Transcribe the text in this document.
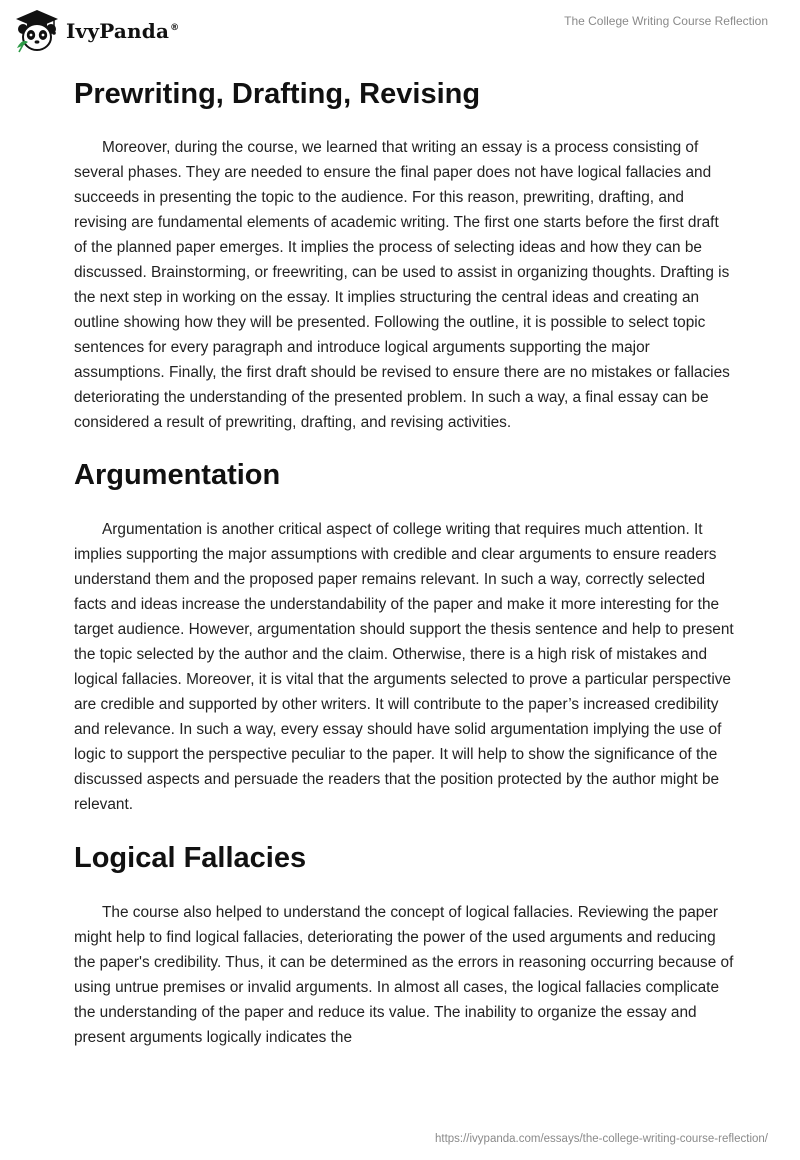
IvyPanda®
The College Writing Course Reflection
Prewriting, Drafting, Revising

Moreover, during the course, we learned that writing an essay is a process consisting of several phases. They are needed to ensure the final paper does not have logical fallacies and succeeds in presenting the topic to the audience. For this reason, prewriting, drafting, and revising are fundamental elements of academic writing. The first one starts before the first draft of the planned paper emerges. It implies the process of selecting ideas and how they can be discussed. Brainstorming, or freewriting, can be used to assist in organizing thoughts. Drafting is the next step in working on the essay. It implies structuring the central ideas and creating an outline showing how they will be presented. Following the outline, it is possible to select topic sentences for every paragraph and introduce logical arguments supporting the major assumptions. Finally, the first draft should be revised to ensure there are no mistakes or fallacies deteriorating the understanding of the presented problem. In such a way, a final essay can be considered a result of prewriting, drafting, and revising activities.

Argumentation

Argumentation is another critical aspect of college writing that requires much attention. It implies supporting the major assumptions with credible and clear arguments to ensure readers understand them and the proposed paper remains relevant. In such a way, correctly selected facts and ideas increase the understandability of the paper and make it more interesting for the target audience. However, argumentation should support the thesis sentence and help to present the topic selected by the author and the claim. Otherwise, there is a high risk of mistakes and logical fallacies. Moreover, it is vital that the arguments selected to prove a particular perspective are credible and supported by other writers. It will contribute to the paper’s increased credibility and relevance. In such a way, every essay should have solid argumentation implying the use of logic to support the perspective peculiar to the paper. It will help to show the significance of the discussed aspects and persuade the readers that the position protected by the author might be relevant.

Logical Fallacies

The course also helped to understand the concept of logical fallacies. Reviewing the paper might help to find logical fallacies, deteriorating the power of the used arguments and reducing the paper's credibility. Thus, it can be determined as the errors in reasoning occurring because of using untrue premises or invalid arguments. In almost all cases, the logical fallacies complicate the understanding of the paper and reduce its value. The inability to organize the essay and present arguments logically indicates the

https://ivypanda.com/essays/the-college-writing-course-reflection/
